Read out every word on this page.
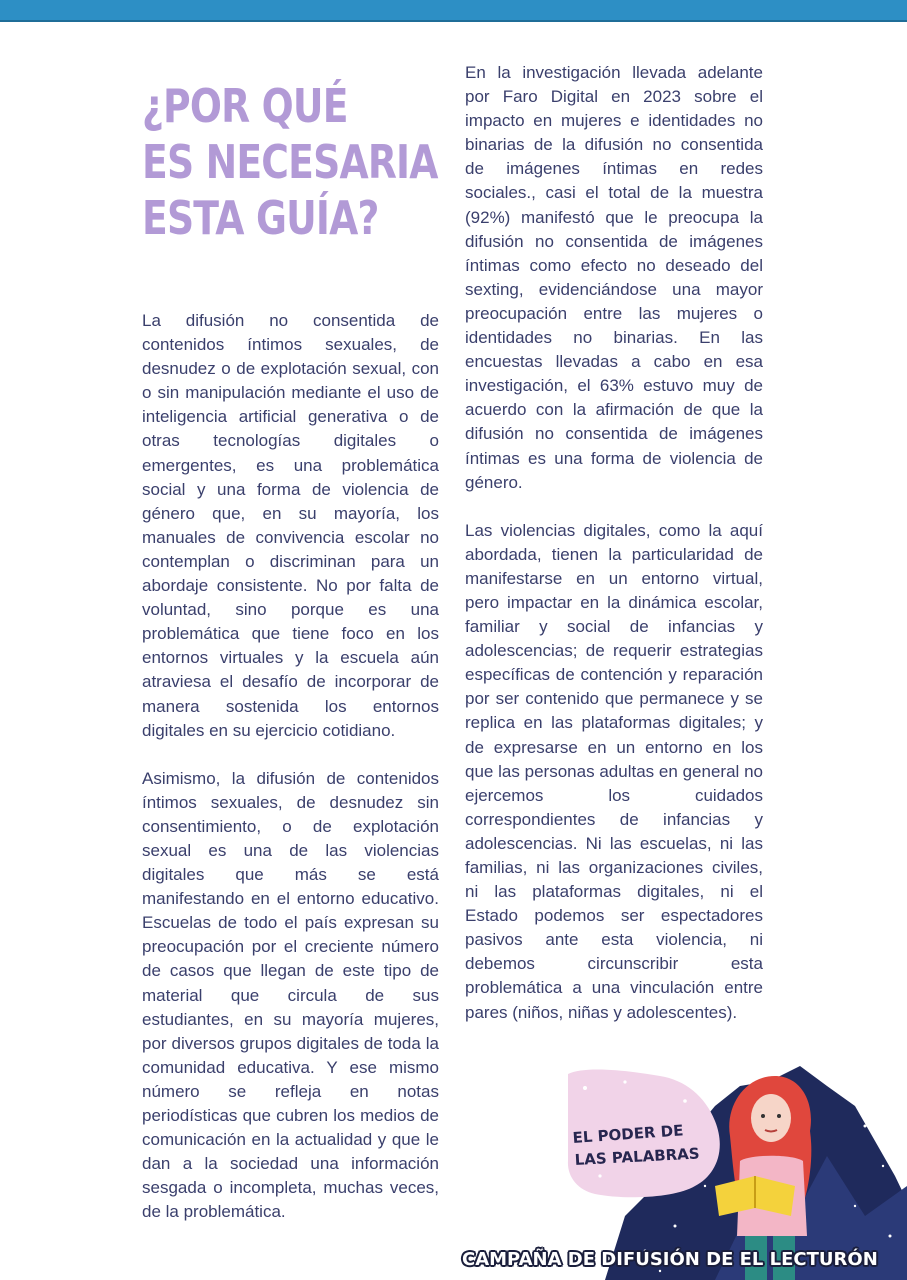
¿POR QUÉ
ES NECESARIA
ESTA GUÍA?

La difusión no consentida de contenidos íntimos sexuales, de desnudez o de explotación sexual, con o sin manipulación mediante el uso de inteligencia artificial generativa o de otras tecnologías digitales o emergentes, es una problemática social y una forma de violencia de género que, en su mayoría, los manuales de convivencia escolar no contemplan o discriminan para un abordaje consistente. No por falta de voluntad, sino porque es una problemática que tiene foco en los entornos virtuales y la escuela aún atraviesa el desafío de incorporar de manera sostenida los entornos digitales en su ejercicio cotidiano.

Asimismo, la difusión de contenidos íntimos sexuales, de desnudez sin consentimiento, o de explotación sexual es una de las violencias digitales que más se está manifestando en el entorno educativo. Escuelas de todo el país expresan su preocupación por el creciente número de casos que llegan de este tipo de material que circula de sus estudiantes, en su mayoría mujeres, por diversos grupos digitales de toda la comunidad educativa. Y ese mismo número se refleja en notas periodísticas que cubren los medios de comunicación en la actualidad y que le dan a la sociedad una información sesgada o incompleta, muchas veces, de la problemática.

En la investigación llevada adelante por Faro Digital en 2023 sobre el impacto en mujeres e identidades no binarias de la difusión no consentida de imágenes íntimas en redes sociales., casi el total de la muestra (92%) manifestó que le preocupa la difusión no consentida de imágenes íntimas como efecto no deseado del sexting, evidenciándose una mayor preocupación entre las mujeres o identidades no binarias. En las encuestas llevadas a cabo en esa investigación, el 63% estuvo muy de acuerdo con la afirmación de que la difusión no consentida de imágenes íntimas es una forma de violencia de género.

Las violencias digitales, como la aquí abordada, tienen la particularidad de manifestarse en un entorno virtual, pero impactar en la dinámica escolar, familiar y social de infancias y adolescencias; de requerir estrategias específicas de contención y reparación por ser contenido que permanece y se replica en las plataformas digitales; y de expresarse en un entorno en los que las personas adultas en general no ejercemos los cuidados correspondientes de infancias y adolescencias. Ni las escuelas, ni las familias, ni las organizaciones civiles, ni las plataformas digitales, ni el Estado podemos ser espectadores pasivos ante esta violencia, ni debemos circunscribir esta problemática a una vinculación entre pares (niños, niñas y adolescentes).

EL PODER DE
LAS PALABRAS
CAMPAÑA DE DIFUSIÓN DE EL LECTURÓN
